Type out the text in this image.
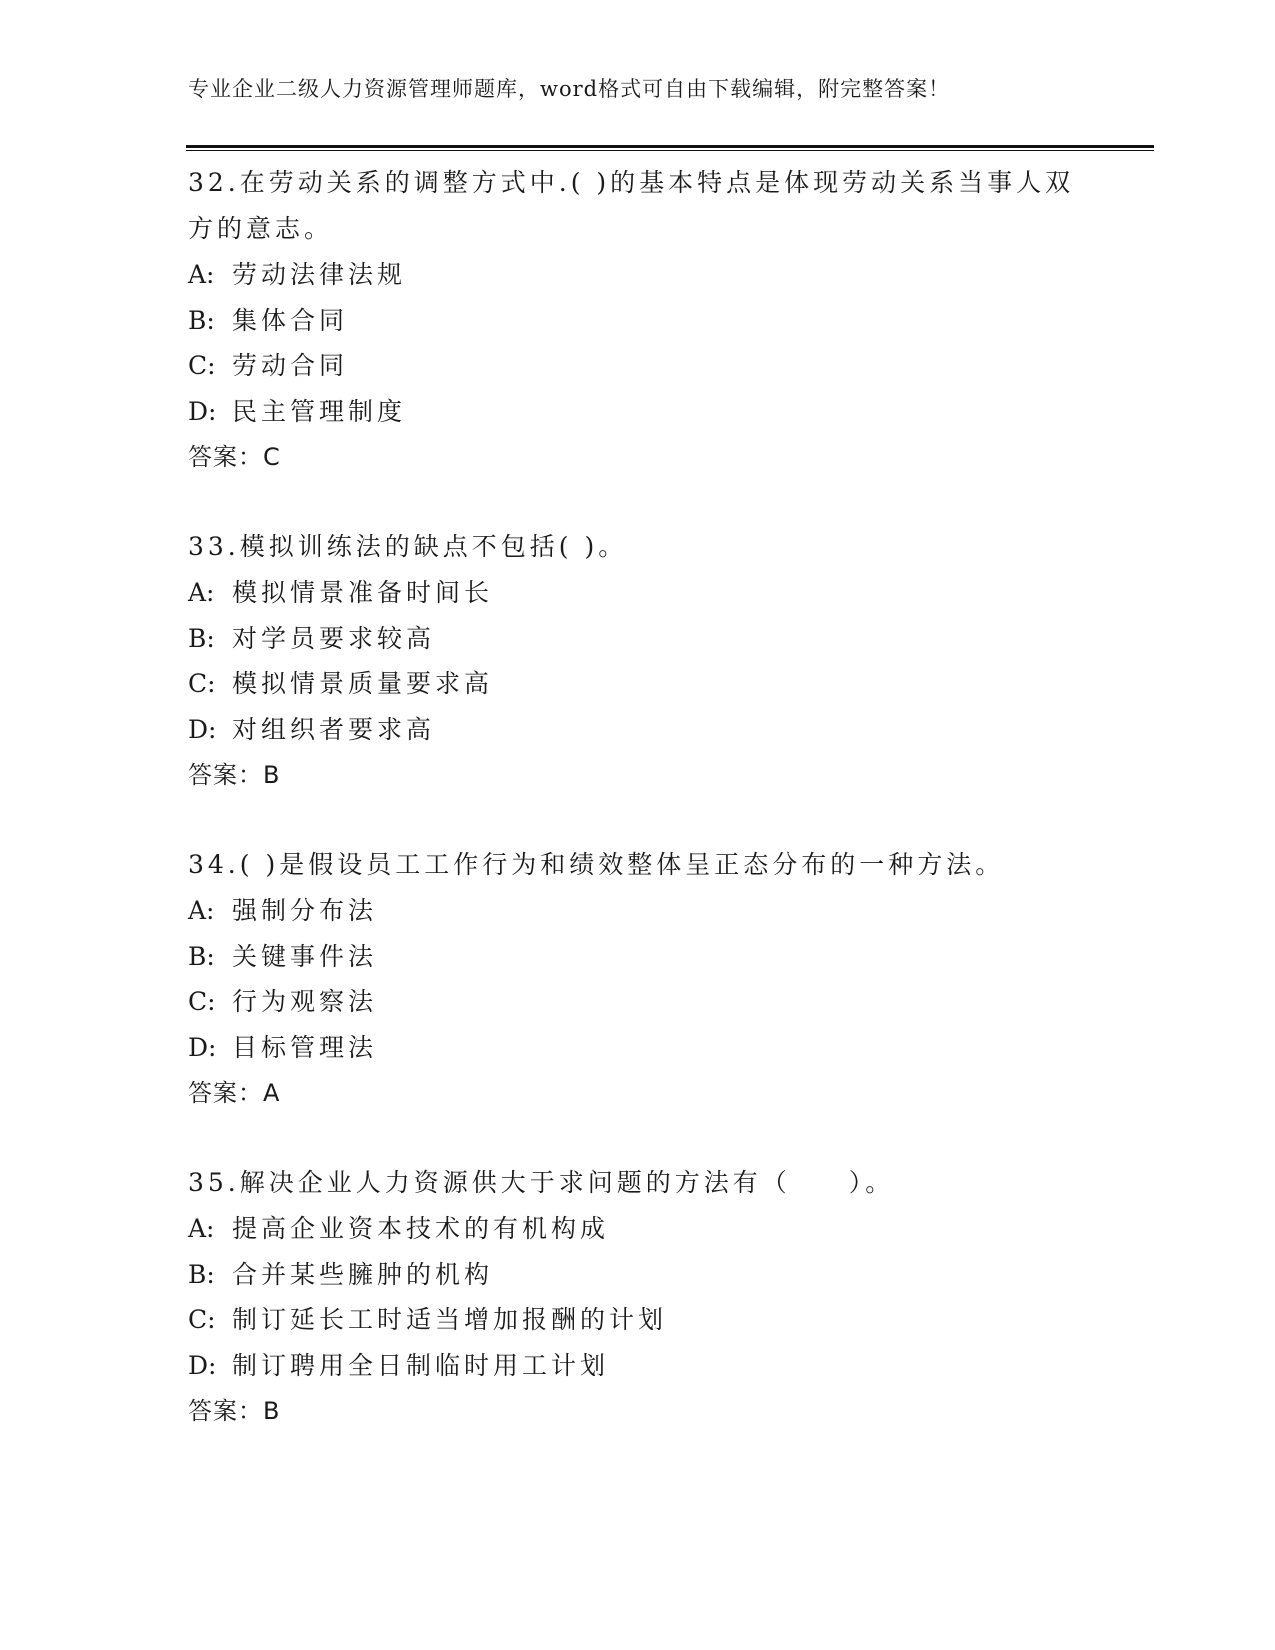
专业企业二级人力资源管理师题库，word格式可自由下载编辑，附完整答案！

32.在劳动关系的调整方式中.( )的基本特点是体现劳动关系当事人双方的意志。

A: 劳动法律法规

B: 集体合同

C: 劳动合同

D: 民主管理制度

答案：C

33.模拟训练法的缺点不包括( )。

A: 模拟情景准备时间长

B: 对学员要求较高

C: 模拟情景质量要求高

D: 对组织者要求高

答案：B

34.( )是假设员工工作行为和绩效整体呈正态分布的一种方法。

A: 强制分布法

B: 关键事件法

C: 行为观察法

D: 目标管理法

答案：A

35.解决企业人力资源供大于求问题的方法有（　　）。

A: 提高企业资本技术的有机构成

B: 合并某些臃肿的机构

C: 制订延长工时适当增加报酬的计划

D: 制订聘用全日制临时用工计划

答案：B
